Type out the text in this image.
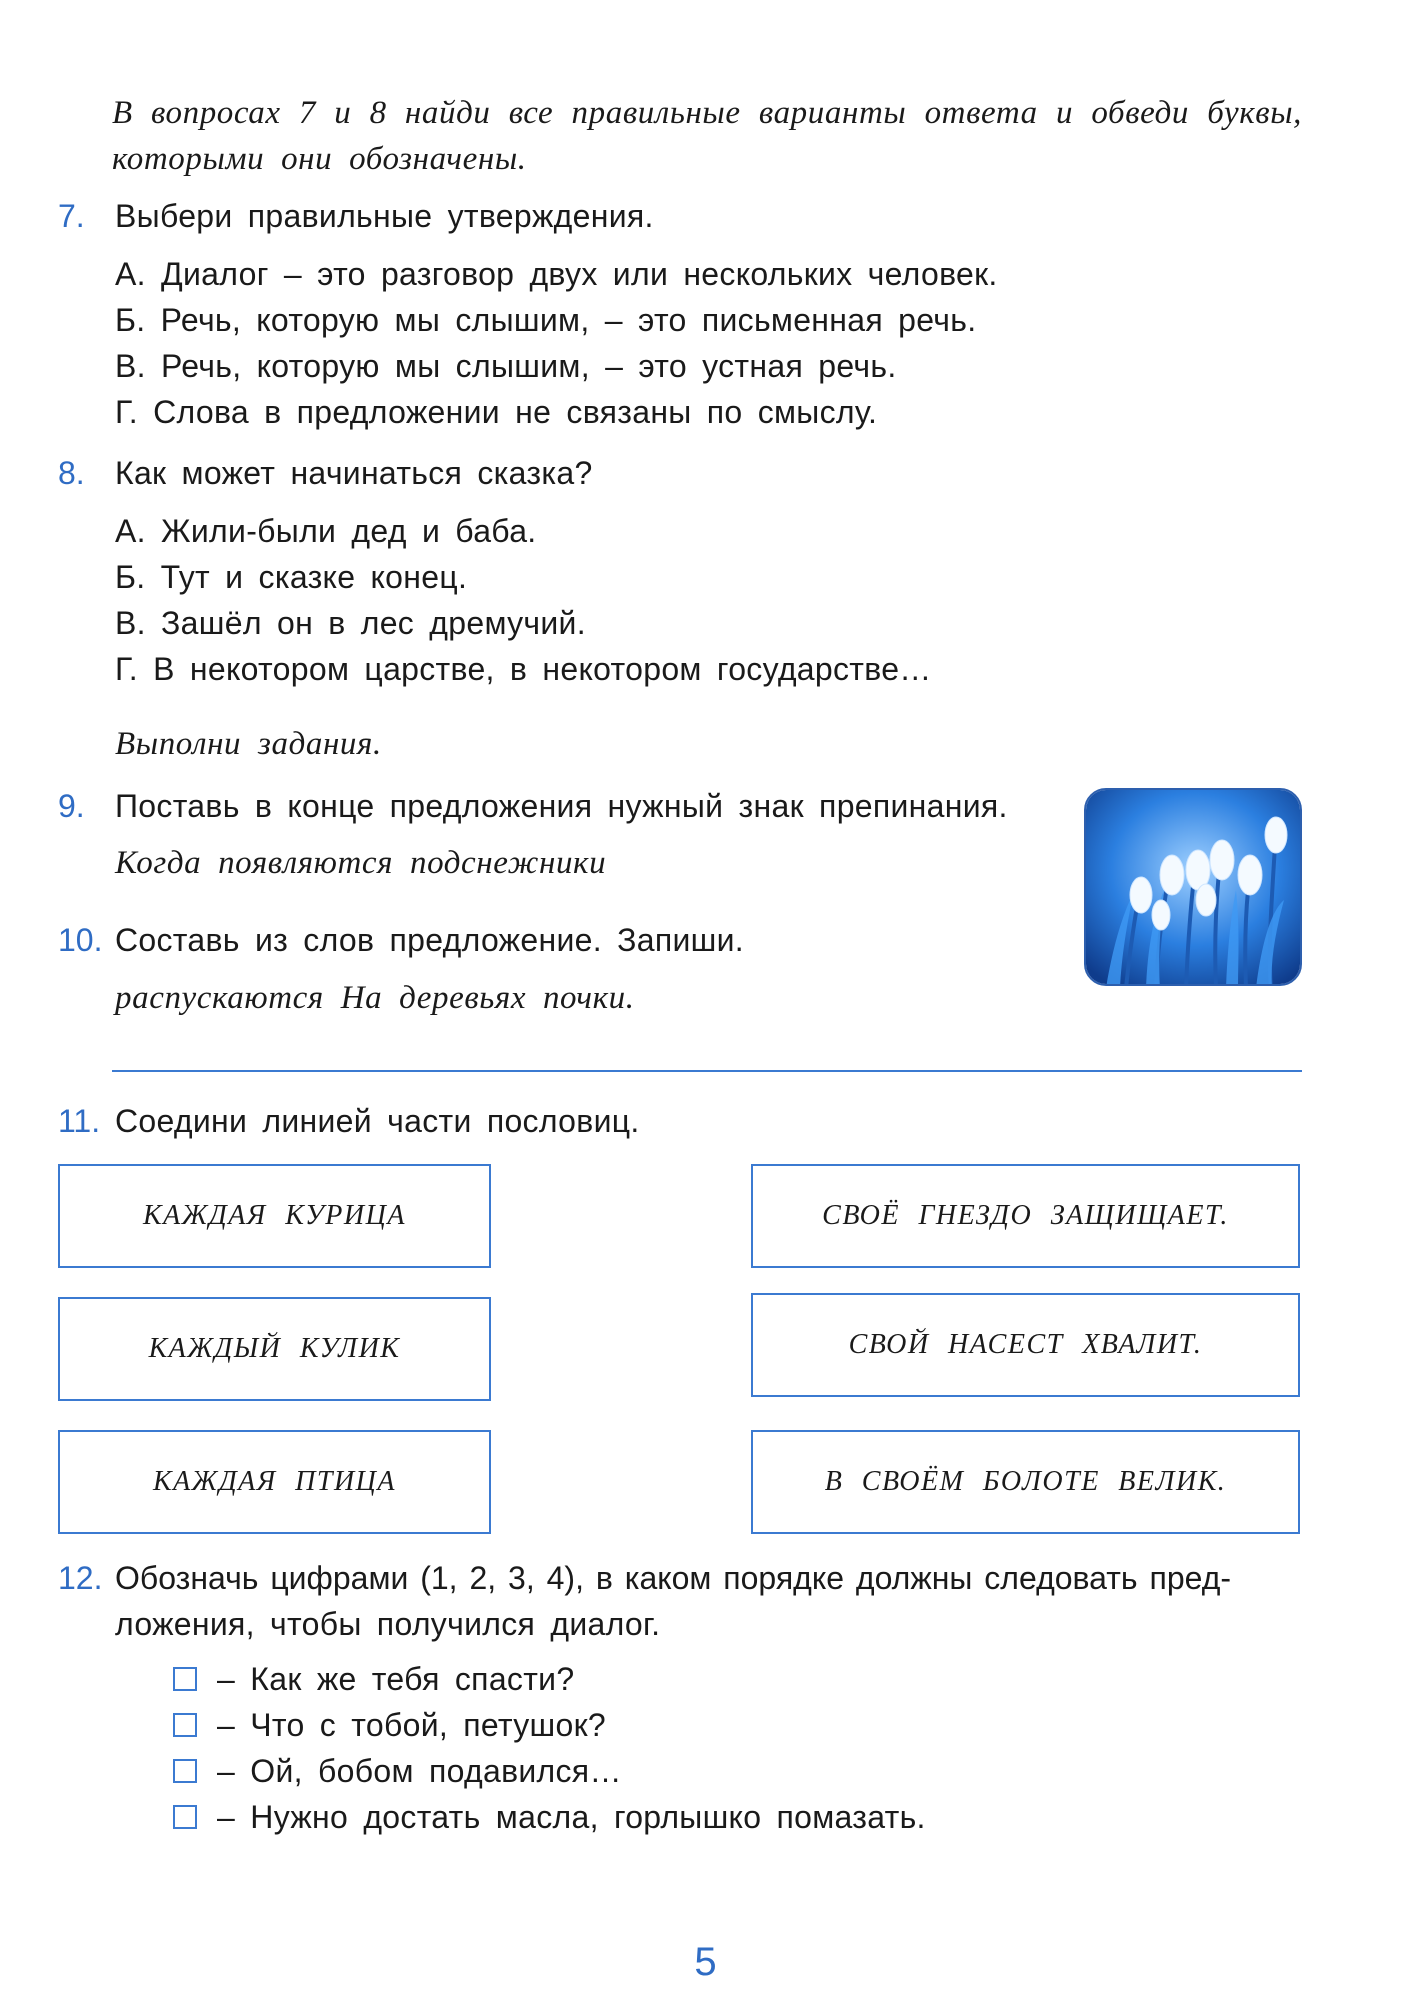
В вопросах 7 и 8 найди все правильные варианты ответа и обведи буквы, которыми они обозначены.

7. Выбери правильные утверждения.
А. Диалог – это разговор двух или нескольких человек.
Б. Речь, которую мы слышим, – это письменная речь.
В. Речь, которую мы слышим, – это устная речь.
Г. Слова в предложении не связаны по смыслу.
8. Как может начинаться сказка?
А. Жили-были дед и баба.
Б. Тут и сказке конец.
В. Зашёл он в лес дремучий.
Г. В некотором царстве, в некотором государстве…
Выполни задания.
9. Поставь в конце предложения нужный знак препинания.
Когда появляются подснежники
10. Составь из слов предложение. Запиши.
распускаются На деревьях почки.
11. Соедини линией части пословиц.
КАЖДАЯ КУРИЦА
КАЖДЫЙ КУЛИК
КАЖДАЯ ПТИЦА
СВОЁ ГНЕЗДО ЗАЩИЩАЕТ.
СВОЙ НАСЕСТ ХВАЛИТ.
В СВОЁМ БОЛОТЕ ВЕЛИК.
12. Обозначь цифрами (1, 2, 3, 4), в каком порядке должны следовать пред-
ложения, чтобы получился диалог.
– Как же тебя спасти?
– Что с тобой, петушок?
– Ой, бобом подавился…
– Нужно достать масла, горлышко помазать.
5
